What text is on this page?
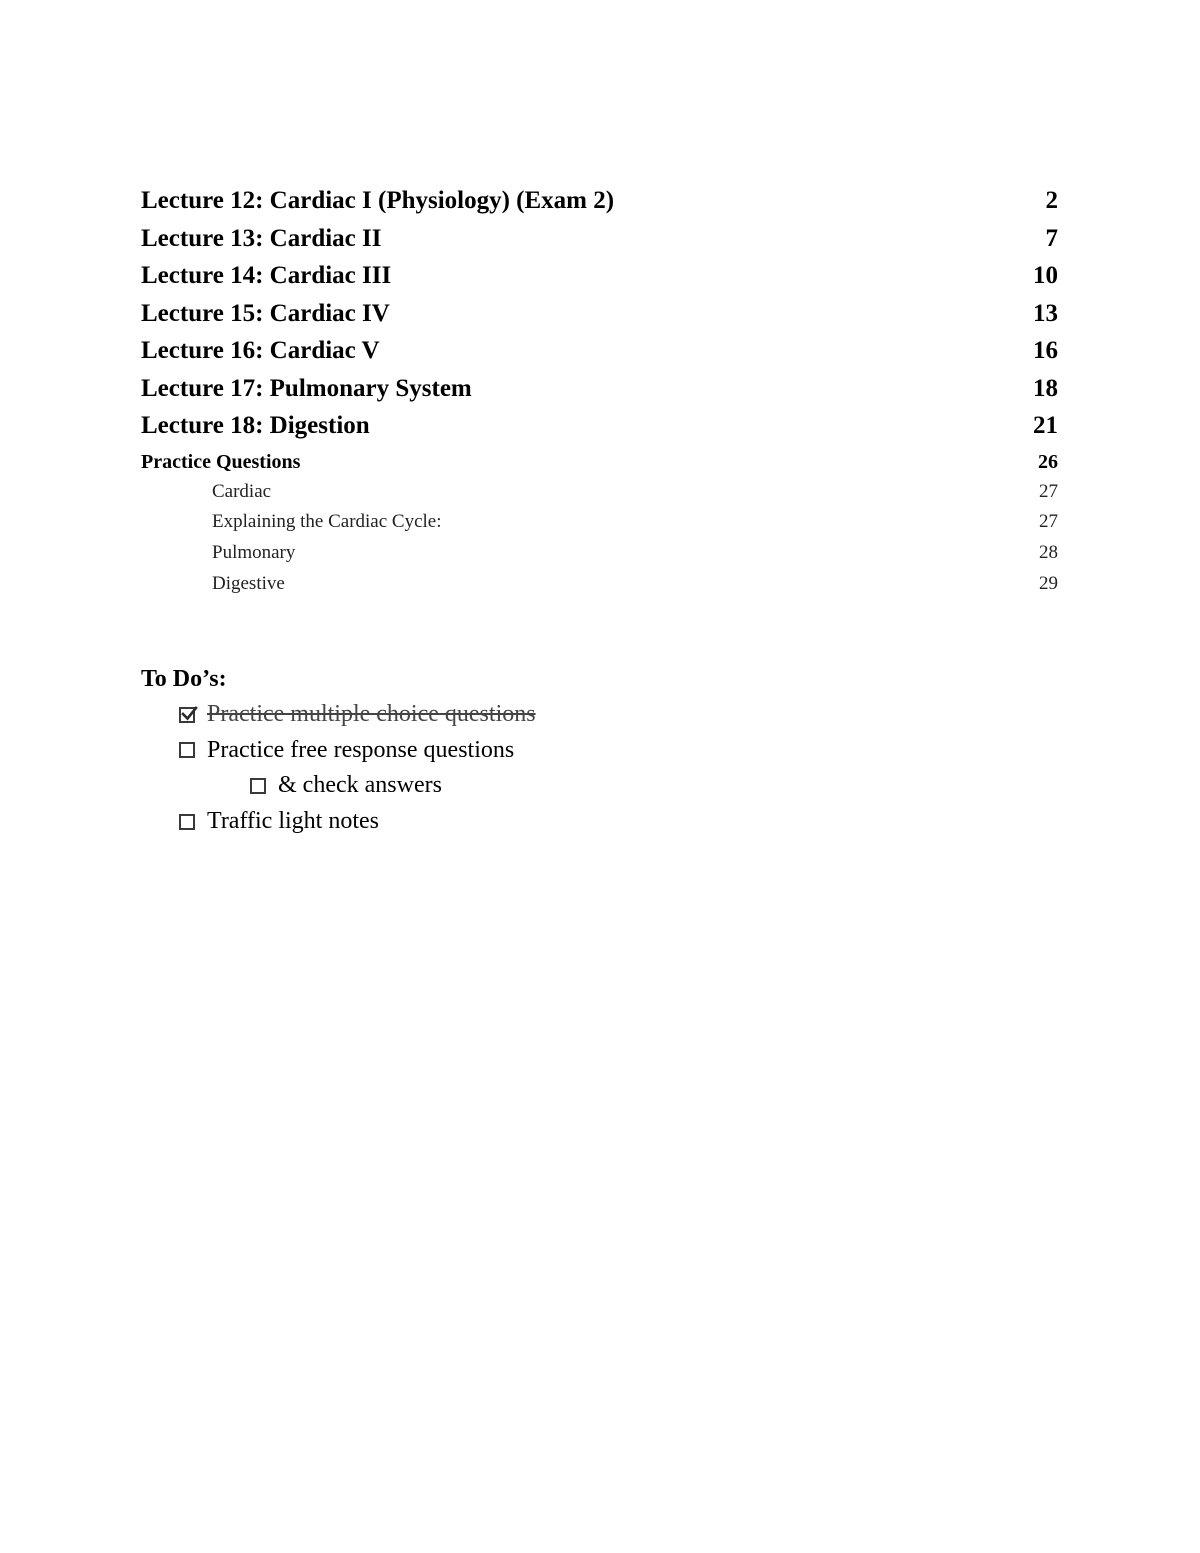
Lecture 12: Cardiac I (Physiology) (Exam 2)	2
Lecture 13: Cardiac II	7
Lecture 14: Cardiac III	10
Lecture 15: Cardiac IV	13
Lecture 16: Cardiac V	16
Lecture 17: Pulmonary System	18
Lecture 18: Digestion	21
Practice Questions	26
Cardiac	27
Explaining the Cardiac Cycle:	27
Pulmonary	28
Digestive	29
To Do’s:
Practice multiple choice questions
Practice free response questions
& check answers
Traffic light notes
